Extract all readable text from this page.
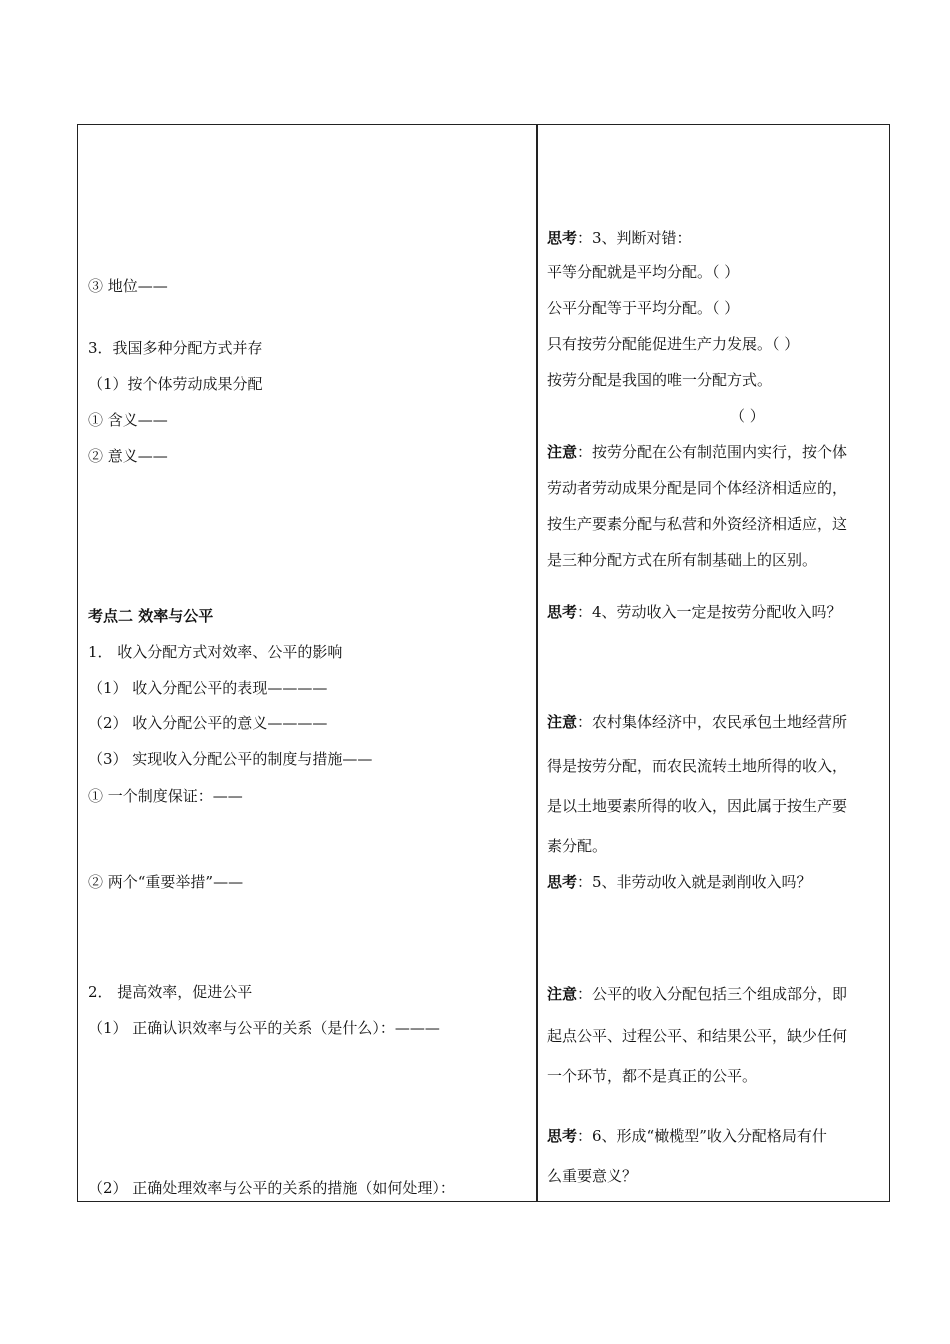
③ 地位——
3．我国多种分配方式并存
（1）按个体劳动成果分配
① 含义——
② 意义——
考点二 效率与公平
1． 收入分配方式对效率、公平的影响
（1） 收入分配公平的表现————
（2） 收入分配公平的意义————
（3） 实现收入分配公平的制度与措施——
① 一个制度保证：——
② 两个“重要举措”——
2． 提高效率，促进公平
（1） 正确认识效率与公平的关系（是什么）：———
（2） 正确处理效率与公平的关系的措施（如何处理）：
思考：3、判断对错：
平等分配就是平均分配。（ ）
公平分配等于平均分配。（ ）
只有按劳分配能促进生产力发展。（ ）
按劳分配是我国的唯一分配方式。
（ ）
注意：按劳分配在公有制范围内实行，按个体
劳动者劳动成果分配是同个体经济相适应的，
按生产要素分配与私营和外资经济相适应，这
是三种分配方式在所有制基础上的区别。
思考：4、劳动收入一定是按劳分配收入吗？
注意：农村集体经济中，农民承包土地经营所
得是按劳分配，而农民流转土地所得的收入，
是以土地要素所得的收入，因此属于按生产要
素分配。
思考：5、非劳动收入就是剥削收入吗？
注意：公平的收入分配包括三个组成部分，即
起点公平、过程公平、和结果公平，缺少任何
一个环节，都不是真正的公平。
思考：6、形成“橄榄型”收入分配格局有什
么重要意义？
